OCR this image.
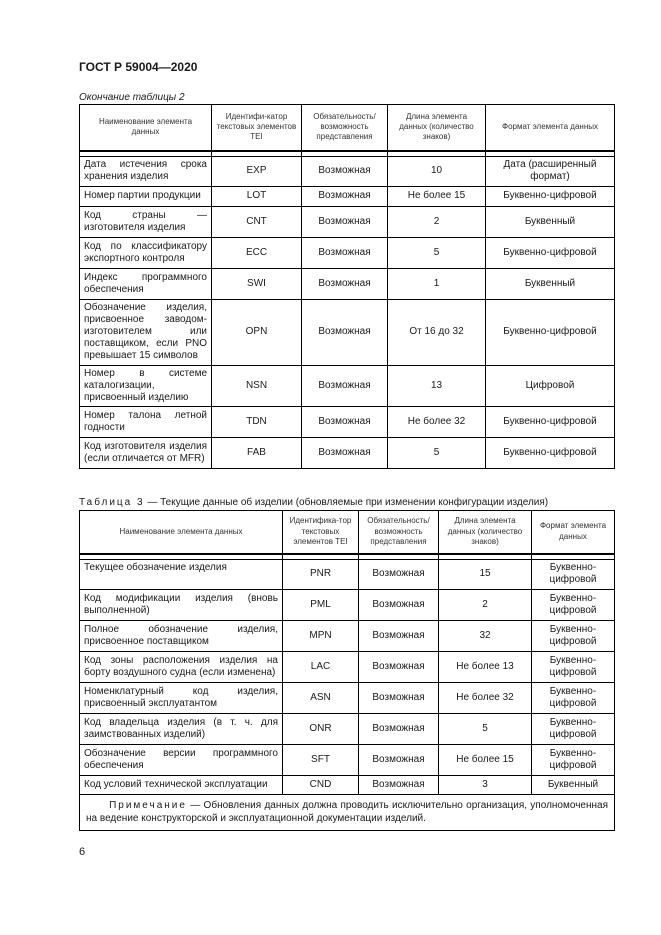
ГОСТ Р 59004—2020
Окончание таблицы 2
Наименование элемента данных	Идентифи-катор текстовых элементов TEI	Обязательность/ возможность представления	Длина элемента данных (количество знаков)	Формат элемента данных

Дата истечения срока хранения изделия	EXP	Возможная	10	Дата (расширенный формат)
Номер партии продукции	LOT	Возможная	Не более 15	Буквенно-цифровой
Код страны — изготовителя изделия	CNT	Возможная	2	Буквенный
Код по классификатору экспортного контроля	ECC	Возможная	5	Буквенно-цифровой
Индекс программного обеспечения	SWI	Возможная	1	Буквенный
Обозначение изделия, присвоенное заводом-изготовителем или поставщиком, если PNO превышает 15 символов	OPN	Возможная	От 16 до 32	Буквенно-цифровой
Номер в системе каталогизации, присвоенный изделию	NSN	Возможная	13	Цифровой
Номер талона летной годности	TDN	Возможная	Не более 32	Буквенно-цифровой
Код изготовителя изделия (если отличается от MFR)	FAB	Возможная	5	Буквенно-цифровой
Таблица 3 — Текущие данные об изделии (обновляемые при изменении конфигурации изделия)
Наименование элемента данных	Идентифика-тор текстовых элементов TEI	Обязательность/ возможность представления	Длина элемента данных (количество знаков)	Формат элемента данных

Текущее обозначение изделия	PNR	Возможная	15	Буквенно-цифровой
Код модификации изделия (вновь выполненной)	PML	Возможная	2	Буквенно-цифровой
Полное обозначение изделия, присвоенное поставщиком	MPN	Возможная	32	Буквенно-цифровой
Код зоны расположения изделия на борту воздушного судна (если изменена)	LAC	Возможная	Не более 13	Буквенно-цифровой
Номенклатурный код изделия, присвоенный эксплуатантом	ASN	Возможная	Не более 32	Буквенно-цифровой
Код владельца изделия (в т. ч. для заимствованных изделий)	ONR	Возможная	5	Буквенно-цифровой
Обозначение версии программного обеспечения	SFT	Возможная	Не более 15	Буквенно-цифровой
Код условий технической эксплуатации	CND	Возможная	3	Буквенный
Примечание — Обновления данных должна проводить исключительно организация, уполномоченная на ведение конструкторской и эксплуатационной документации изделий.				
6
